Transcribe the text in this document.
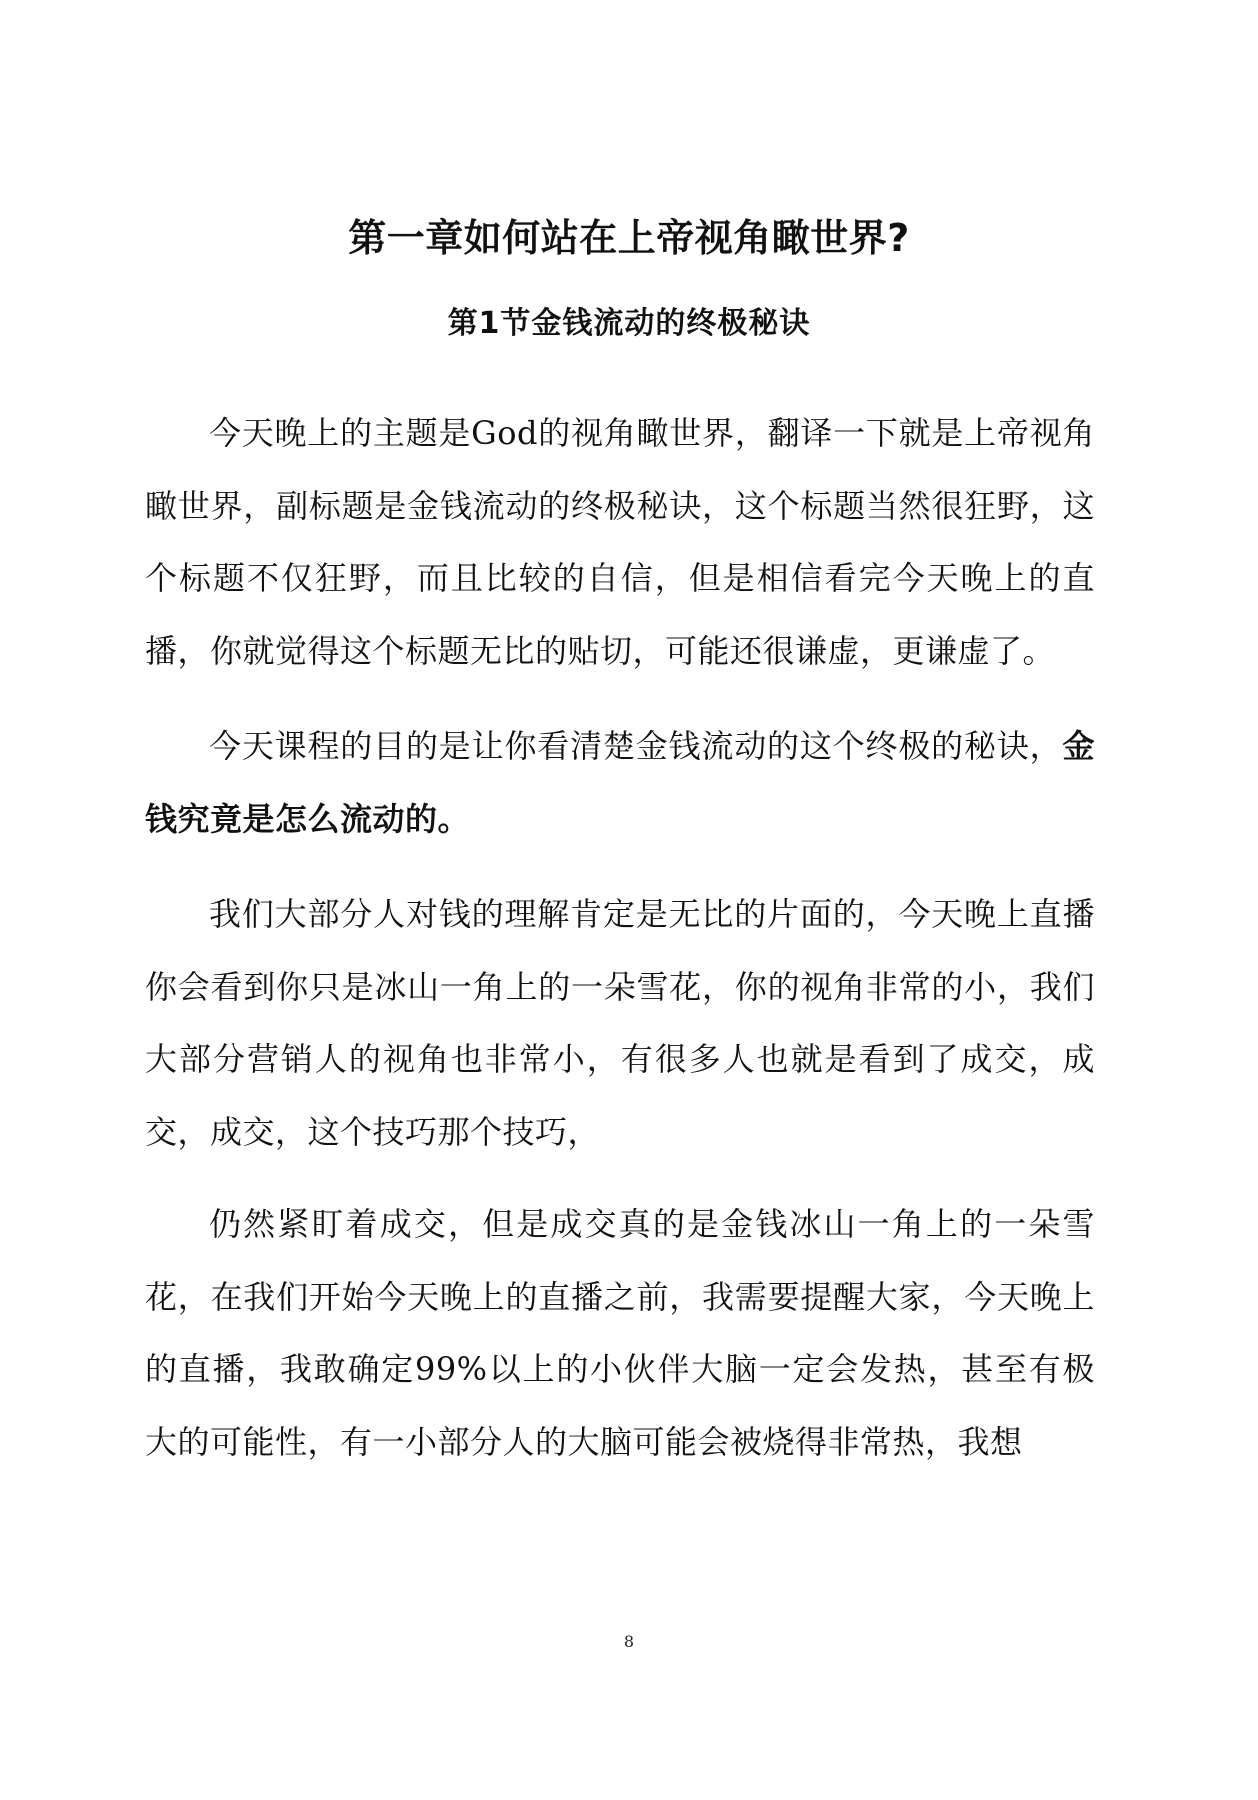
第一章如何站在上帝视角瞰世界?
第1节金钱流动的终极秘诀

今天晚上的主题是God的视角瞰世界，翻译一下就是上帝视角瞰世界，副标题是金钱流动的终极秘诀，这个标题当然很狂野，这个标题不仅狂野，而且比较的自信，但是相信看完今天晚上的直播，你就觉得这个标题无比的贴切，可能还很谦虚，更谦虚了。

今天课程的目的是让你看清楚金钱流动的这个终极的秘诀，金钱究竟是怎么流动的。

我们大部分人对钱的理解肯定是无比的片面的，今天晚上直播你会看到你只是冰山一角上的一朵雪花，你的视角非常的小，我们大部分营销人的视角也非常小，有很多人也就是看到了成交，成交，成交，这个技巧那个技巧，

仍然紧盯着成交，但是成交真的是金钱冰山一角上的一朵雪花，在我们开始今天晚上的直播之前，我需要提醒大家，今天晚上的直播，我敢确定99%以上的小伙伴大脑一定会发热，甚至有极大的可能性，有一小部分人的大脑可能会被烧得非常热，我想

8
